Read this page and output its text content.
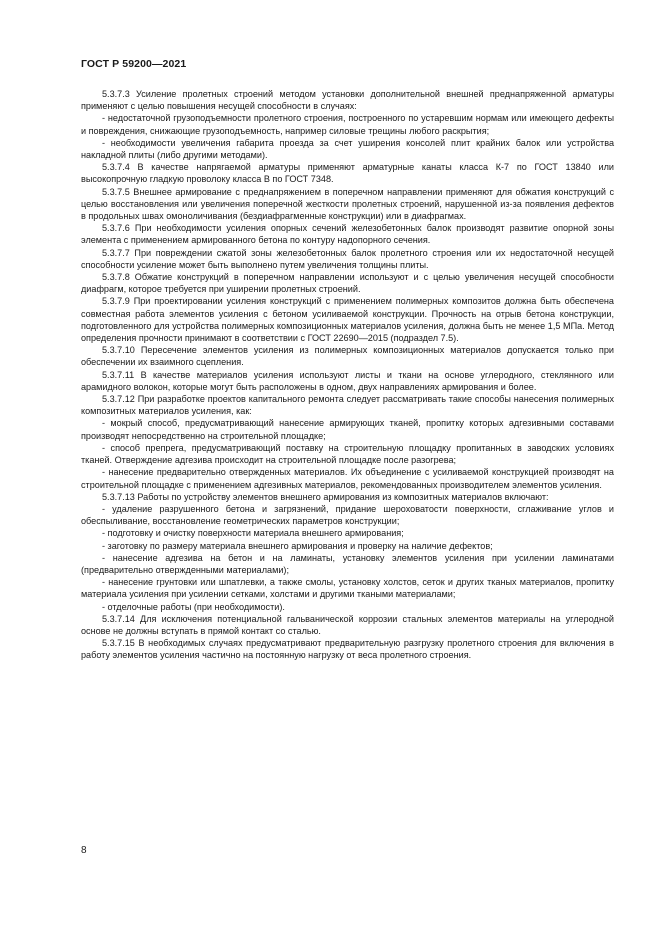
ГОСТ Р 59200—2021

5.3.7.3 Усиление пролетных строений методом установки дополнительной внешней преднапряженной арматуры применяют с целью повышения несущей способности в случаях:

- недостаточной грузоподъемности пролетного строения, построенного по устаревшим нормам или имеющего дефекты и повреждения, снижающие грузоподъемность, например силовые трещины любого раскрытия;

- необходимости увеличения габарита проезда за счет уширения консолей плит крайних балок или устройства накладной плиты (либо другими методами).

5.3.7.4 В качестве напрягаемой арматуры применяют арматурные канаты класса К-7 по ГОСТ 13840 или высокопрочную гладкую проволоку класса В по ГОСТ 7348.

5.3.7.5 Внешнее армирование с преднапряжением в поперечном направлении применяют для обжатия конструкций с целью восстановления или увеличения поперечной жесткости пролетных строений, нарушенной из-за появления дефектов в продольных швах омоноличивания (бездиафрагменные конструкции) или в диафрагмах.

5.3.7.6 При необходимости усиления опорных сечений железобетонных балок производят развитие опорной зоны элемента с применением армированного бетона по контуру надопорного сечения.

5.3.7.7 При повреждении сжатой зоны железобетонных балок пролетного строения или их недостаточной несущей способности усиление может быть выполнено путем увеличения толщины плиты.

5.3.7.8 Обжатие конструкций в поперечном направлении используют и с целью увеличения несущей способности диафрагм, которое требуется при уширении пролетных строений.

5.3.7.9 При проектировании усиления конструкций с применением полимерных композитов должна быть обеспечена совместная работа элементов усиления с бетоном усиливаемой конструкции. Прочность на отрыв бетона конструкции, подготовленного для устройства полимерных композиционных материалов усиления, должна быть не менее 1,5 МПа. Метод определения прочности принимают в соответствии с ГОСТ 22690—2015 (подраздел 7.5).

5.3.7.10 Пересечение элементов усиления из полимерных композиционных материалов допускается только при обеспечении их взаимного сцепления.

5.3.7.11 В качестве материалов усиления используют листы и ткани на основе углеродного, стеклянного или арамидного волокон, которые могут быть расположены в одном, двух направлениях армирования и более.

5.3.7.12 При разработке проектов капитального ремонта следует рассматривать такие способы нанесения полимерных композитных материалов усиления, как:

- мокрый способ, предусматривающий нанесение армирующих тканей, пропитку которых адгезивными составами производят непосредственно на строительной площадке;

- способ препрега, предусматривающий поставку на строительную площадку пропитанных в заводских условиях тканей. Отверждение адгезива происходит на строительной площадке после разогрева;

- нанесение предварительно отвержденных материалов. Их объединение с усиливаемой конструкцией производят на строительной площадке с применением адгезивных материалов, рекомендованных производителем элементов усиления.

5.3.7.13 Работы по устройству элементов внешнего армирования из композитных материалов включают:

- удаление разрушенного бетона и загрязнений, придание шероховатости поверхности, сглаживание углов и обеспыливание, восстановление геометрических параметров конструкции;

- подготовку и очистку поверхности материала внешнего армирования;

- заготовку по размеру материала внешнего армирования и проверку на наличие дефектов;

- нанесение адгезива на бетон и на ламинаты, установку элементов усиления при усилении ламинатами (предварительно отвержденными материалами);

- нанесение грунтовки или шпатлевки, а также смолы, установку холстов, сеток и других тканых материалов, пропитку материала усиления при усилении сетками, холстами и другими ткаными материалами;

- отделочные работы (при необходимости).

5.3.7.14 Для исключения потенциальной гальванической коррозии стальных элементов материалы на углеродной основе не должны вступать в прямой контакт со сталью.

5.3.7.15 В необходимых случаях предусматривают предварительную разгрузку пролетного строения для включения в работу элементов усиления частично на постоянную нагрузку от веса пролетного строения.

8
